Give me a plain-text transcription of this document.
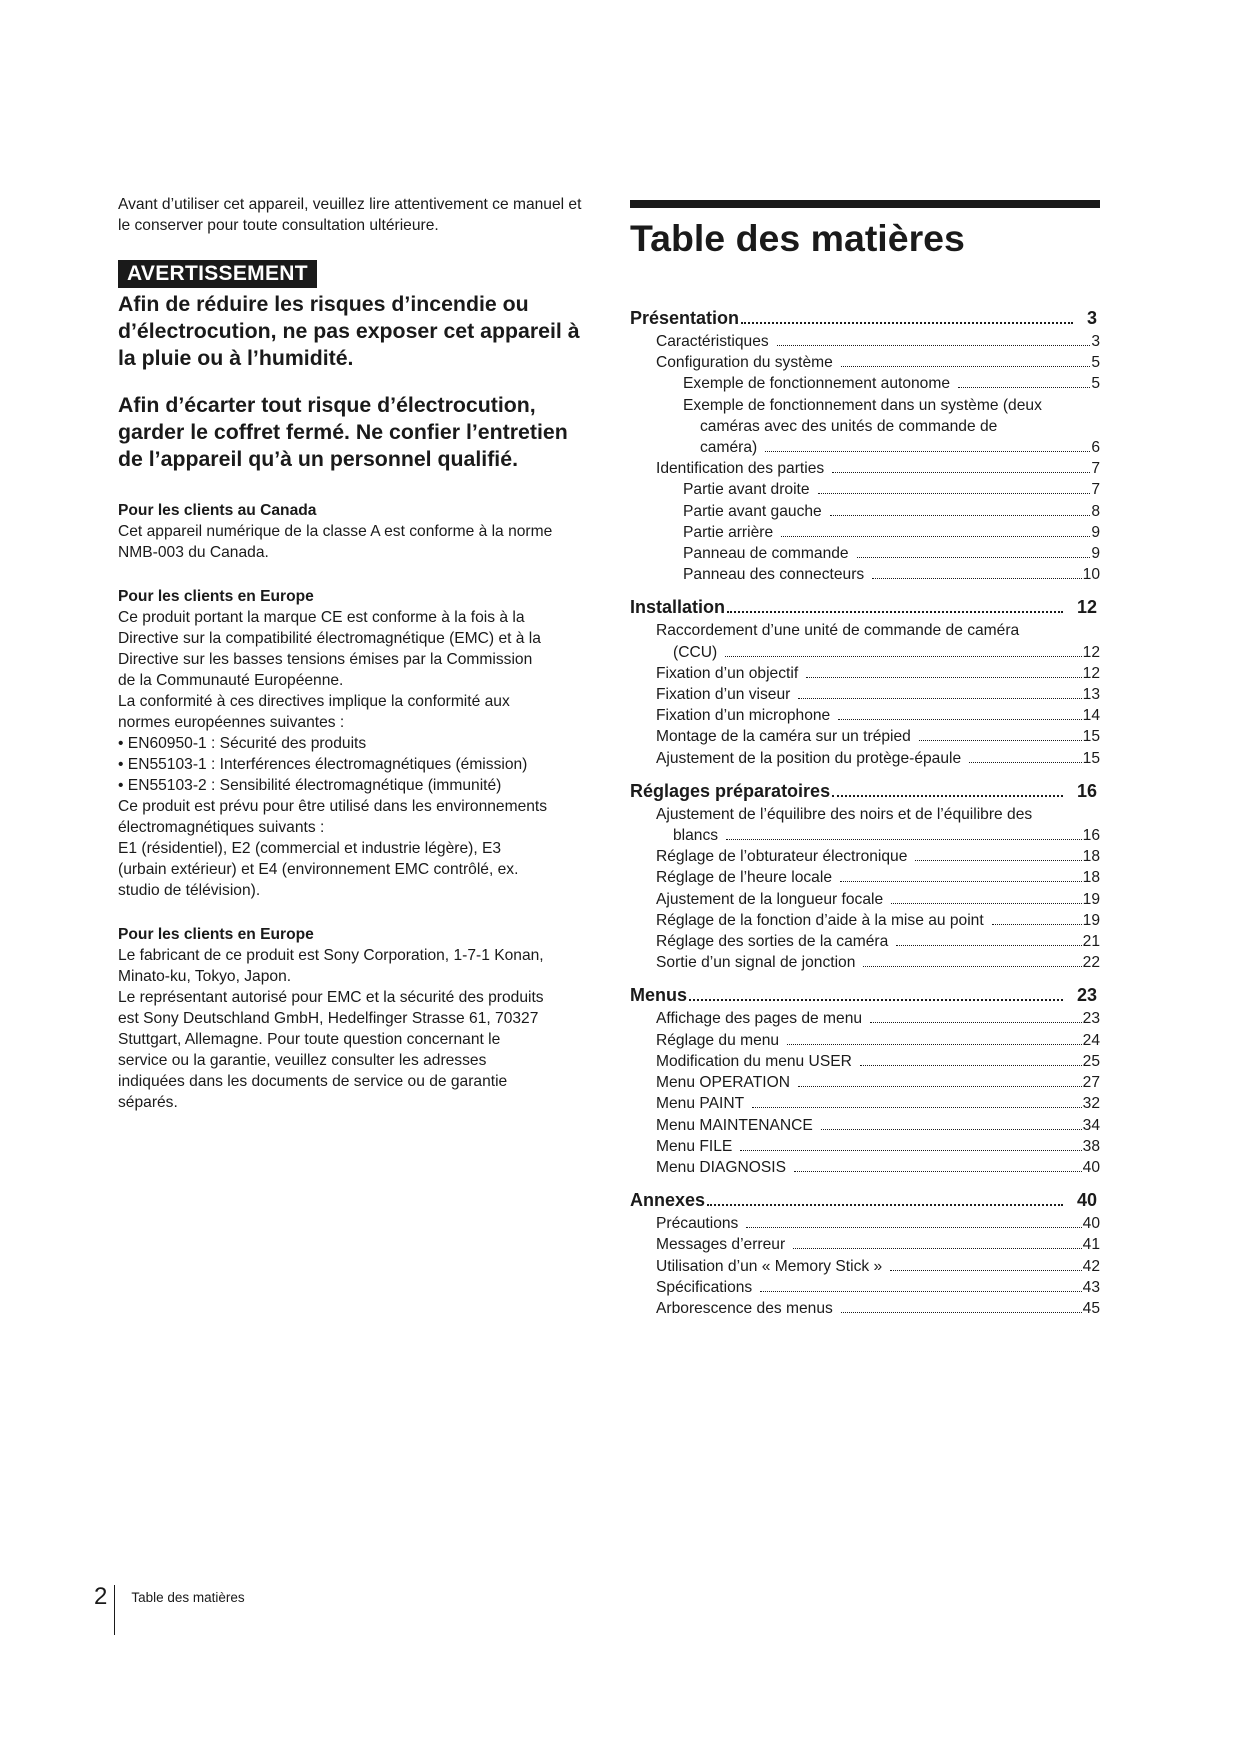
Avant d’utiliser cet appareil, veuillez lire attentivement ce manuel et le conserver pour toute consultation ultérieure.

AVERTISSEMENT

Afin de réduire les risques d’incendie ou d’électrocution, ne pas exposer cet appareil à la pluie ou à l’humidité.

Afin d’écarter tout risque d’électrocution, garder le coffret fermé. Ne confier l’entretien de l’appareil qu’à un personnel qualifié.

Pour les clients au Canada

Cet appareil numérique de la classe A est conforme à la norme NMB-003 du Canada.

Pour les clients en Europe

Ce produit portant la marque CE est conforme à la fois à la
Directive sur la compatibilité électromagnétique (EMC) et à la
Directive sur les basses tensions émises par la Commission
de la Communauté Européenne.
La conformité à ces directives implique la conformité aux
normes européennes suivantes :
• EN60950-1 : Sécurité des produits
• EN55103-1 : Interférences électromagnétiques (émission)
• EN55103-2 : Sensibilité électromagnétique (immunité)
Ce produit est prévu pour être utilisé dans les environnements
électromagnétiques suivants :
E1 (résidentiel), E2 (commercial et industrie légère), E3
(urbain extérieur) et E4 (environnement EMC contrôlé, ex.
studio de télévision).

Pour les clients en Europe

Le fabricant de ce produit est Sony Corporation, 1-7-1 Konan,
Minato-ku, Tokyo, Japon.
Le représentant autorisé pour EMC et la sécurité des produits
est Sony Deutschland GmbH, Hedelfinger Strasse 61, 70327
Stuttgart, Allemagne. Pour toute question concernant le
service ou la garantie, veuillez consulter les adresses
indiquées dans les documents de service ou de garantie
séparés.
Table des matières
Présentation	3
Caractéristiques	3
Configuration du système	5
Exemple de fonctionnement autonome	5
Exemple de fonctionnement dans un système (deux
caméras avec des unités de commande de
caméra)	6
Identification des parties	7
Partie avant droite	7
Partie avant gauche	8
Partie arrière	9
Panneau de commande	9
Panneau des connecteurs	10
Installation	12
Raccordement d’une unité de commande de caméra
(CCU)	12
Fixation d’un objectif	12
Fixation d’un viseur	13
Fixation d’un microphone	14
Montage de la caméra sur un trépied	15
Ajustement de la position du protège-épaule	15
Réglages préparatoires	16
Ajustement de l’équilibre des noirs et de l’équilibre des
blancs	16
Réglage de l’obturateur électronique	18
Réglage de l’heure locale	18
Ajustement de la longueur focale	19
Réglage de la fonction d’aide à la mise au point	19
Réglage des sorties de la caméra	21
Sortie d’un signal de jonction	22
Menus	23
Affichage des pages de menu	23
Réglage du menu	24
Modification du menu USER	25
Menu OPERATION	27
Menu PAINT	32
Menu MAINTENANCE	34
Menu FILE	38
Menu DIAGNOSIS	40
Annexes	40
Précautions	40
Messages d’erreur	41
Utilisation d’un « Memory Stick »	42
Spécifications	43
Arborescence des menus	45
2 Table des matières
